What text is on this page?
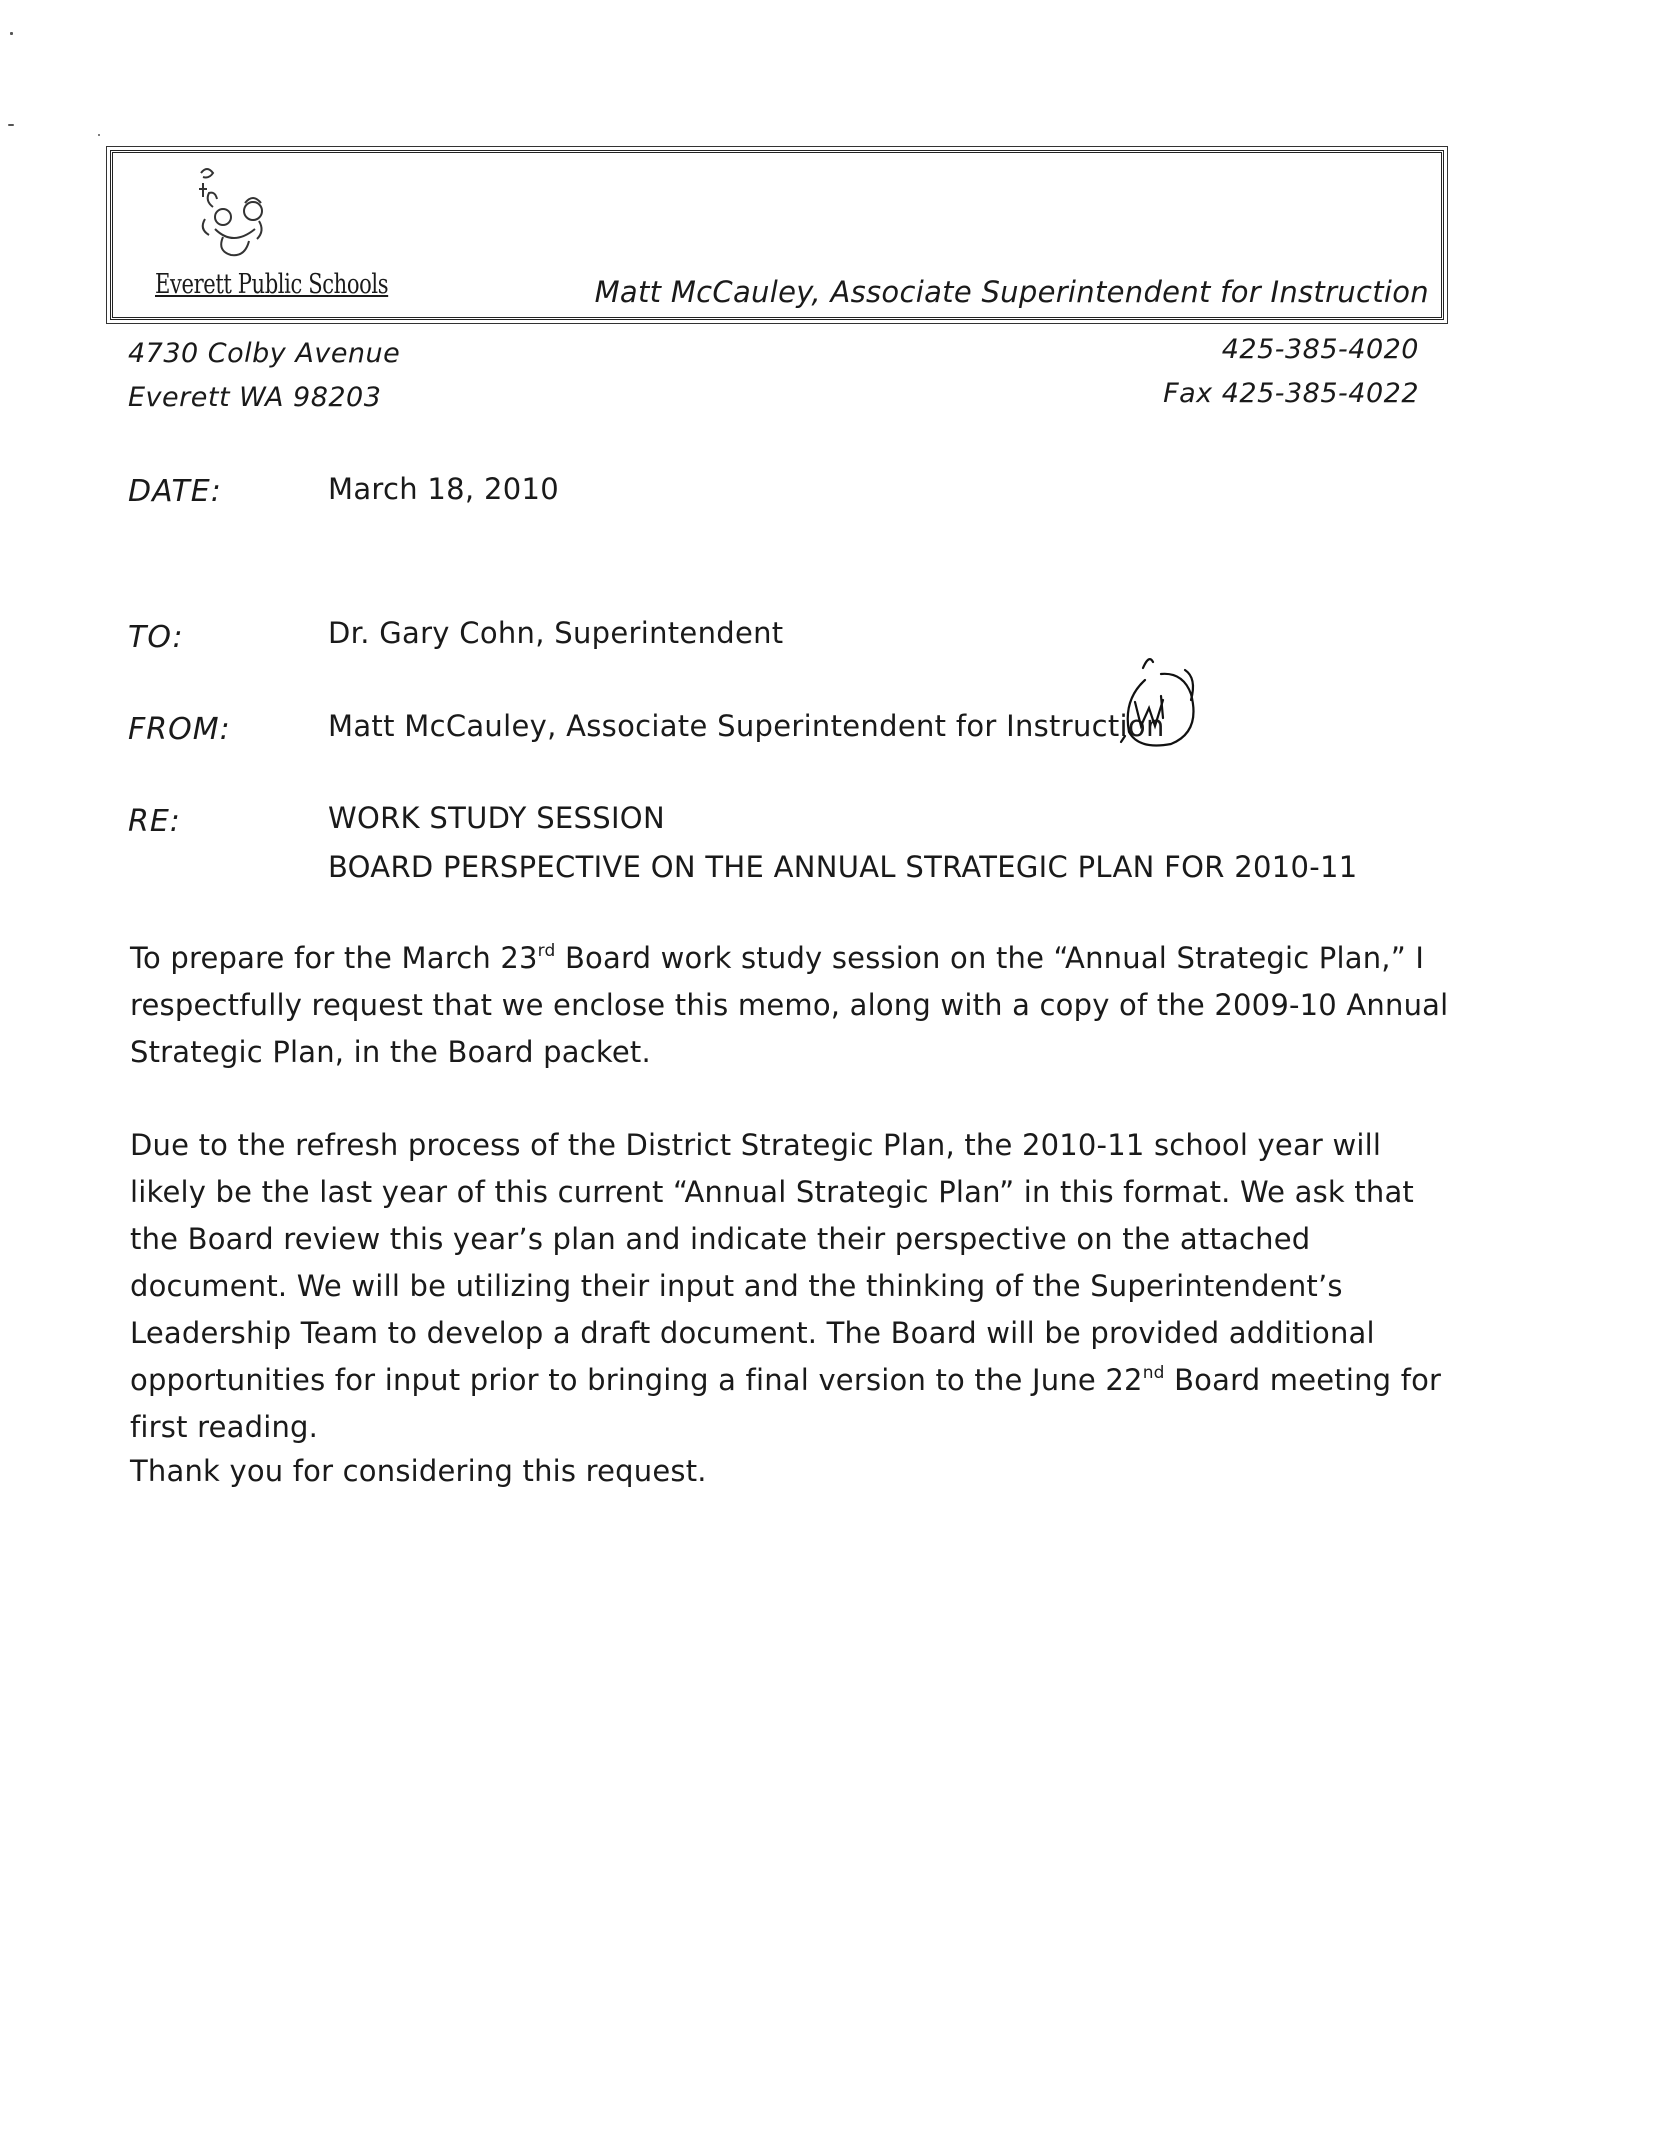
Everett Public Schools	Matt McCauley, Associate Superintendent for Instruction
4730 Colby Avenue
Everett WA 98203
425-385-4020
Fax 425-385-4022
DATE:	March 18, 2010
TO:	Dr. Gary Cohn, Superintendent
FROM:	Matt McCauley, Associate Superintendent for Instruction
RE:	WORK STUDY SESSION
BOARD PERSPECTIVE ON THE ANNUAL STRATEGIC PLAN FOR 2010-11

To prepare for the March 23rd Board work study session on the “Annual Strategic Plan,” I respectfully request that we enclose this memo, along with a copy of the 2009-10 Annual Strategic Plan, in the Board packet.

Due to the refresh process of the District Strategic Plan, the 2010-11 school year will likely be the last year of this current “Annual Strategic Plan” in this format. We ask that the Board review this year’s plan and indicate their perspective on the attached document. We will be utilizing their input and the thinking of the Superintendent’s Leadership Team to develop a draft document. The Board will be provided additional opportunities for input prior to bringing a final version to the June 22nd Board meeting for first reading.

Thank you for considering this request.
